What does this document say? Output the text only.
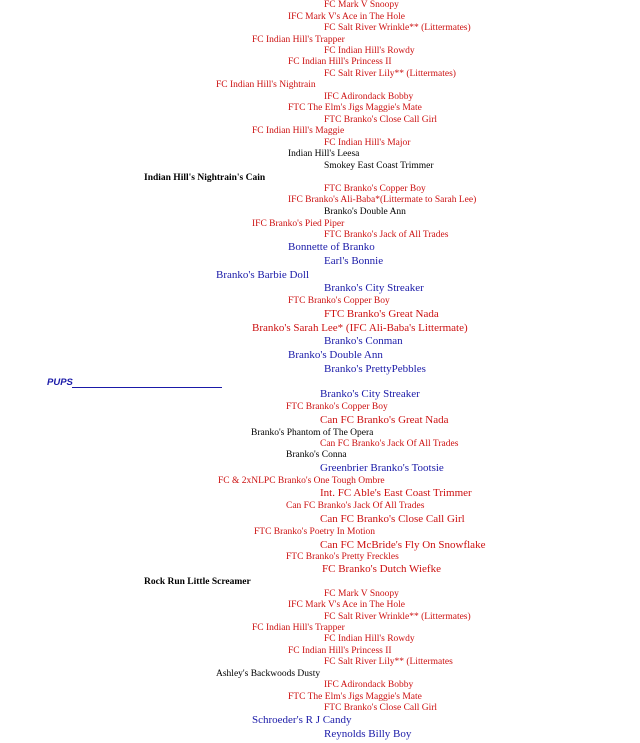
FC Mark V Snoopy
IFC Mark V's Ace in The Hole
FC Salt River Wrinkle** (Littermates)
FC Indian Hill's Trapper
FC Indian Hill's Rowdy
FC Indian Hill's Princess II
FC Salt River Lily** (Littermates)
FC Indian Hill's Nightrain
IFC Adirondack Bobby
FTC The Elm's Jigs Maggie's Mate
FTC Branko's Close Call Girl
FC Indian Hill's Maggie
FC Indian Hill's Major
Indian Hill's Leesa
Smokey East Coast Trimmer
Indian Hill's Nightrain's Cain
FTC Branko's Copper Boy
IFC Branko's Ali-Baba*(Littermate to Sarah Lee)
Branko's Double Ann
IFC Branko's Pied Piper
FTC Branko's Jack of All Trades
Bonnette of Branko
Earl's Bonnie
Branko's Barbie Doll
Branko's City Streaker
FTC Branko's Copper Boy
FTC Branko's Great Nada
Branko's Sarah Lee* (IFC Ali-Baba's Littermate)
Branko's Conman
Branko's Double Ann
Branko's PrettyPebbles
PUPS
Branko's City Streaker
FTC Branko's Copper Boy
Can FC Branko's Great Nada
Branko's Phantom of The Opera
Can FC Branko's Jack Of All Trades
Branko's Conna
Greenbrier Branko's Tootsie
FC & 2xNLPC Branko's One Tough Ombre
Int. FC Able's East Coast Trimmer
Can FC Branko's Jack Of All Trades
Can FC Branko's Close Call Girl
FTC Branko's Poetry In Motion
Can FC McBride's Fly On Snowflake
FTC Branko's Pretty Freckles
FC Branko's Dutch Wiefke
Rock Run Little Screamer
FC Mark V Snoopy
IFC Mark V's Ace in The Hole
FC Salt River Wrinkle** (Littermates)
FC Indian Hill's Trapper
FC Indian Hill's Rowdy
FC Indian Hill's Princess II
FC Salt River Lily** (Littermates
Ashley's Backwoods Dusty
IFC Adirondack Bobby
FTC The Elm's Jigs Maggie's Mate
FTC Branko's Close Call Girl
Schroeder's R J Candy
Reynolds Billy Boy
